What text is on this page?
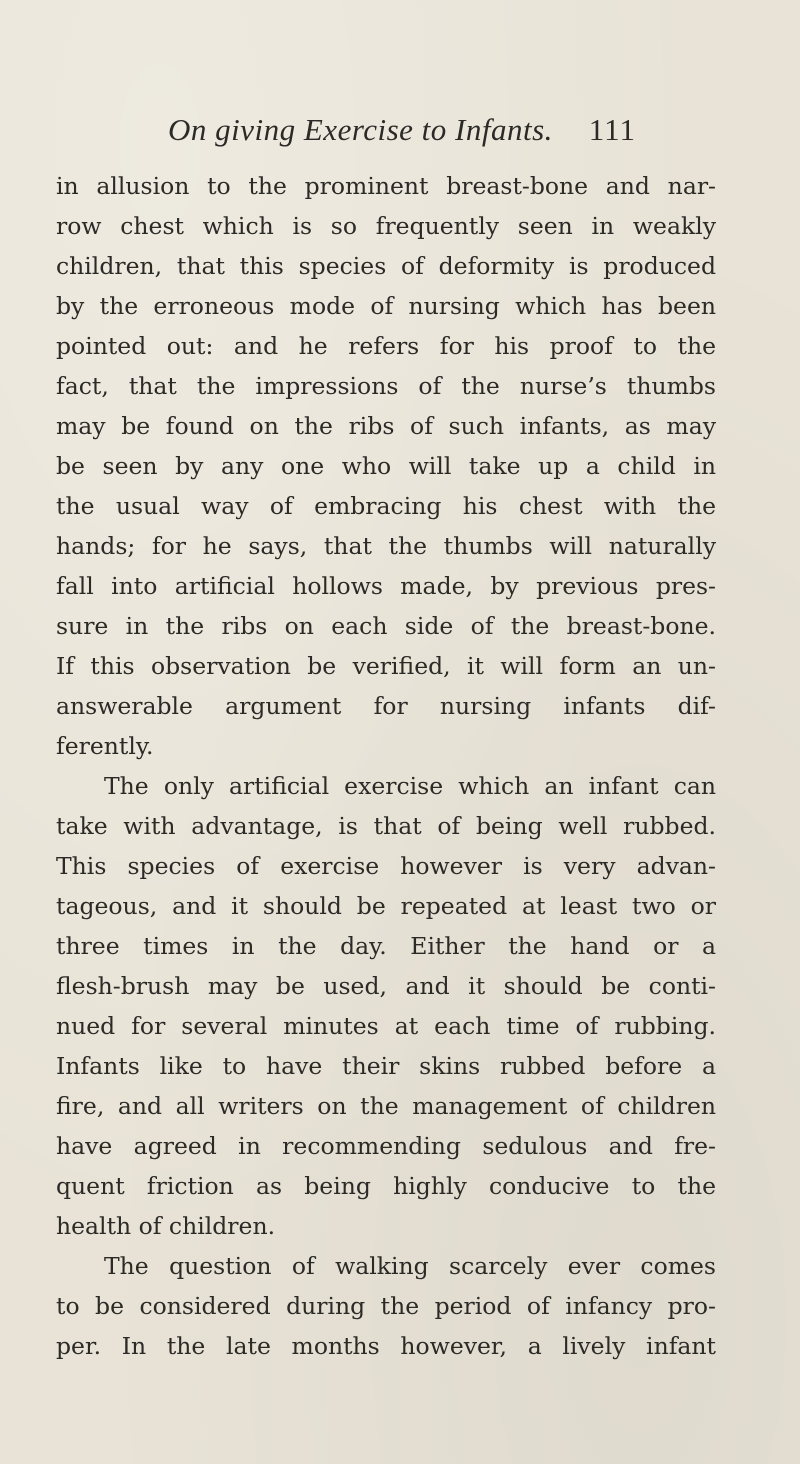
On giving Exercise to Infants. 111
in allusion to the prominent breast-bone and nar-
row chest which is so frequently seen in weakly
children, that this species of deformity is produced
by the erroneous mode of nursing which has been
pointed out: and he refers for his proof to the
fact, that the impressions of the nurse’s thumbs
may be found on the ribs of such infants, as may
be seen by any one who will take up a child in
the usual way of embracing his chest with the
hands; for he says, that the thumbs will naturally
fall into artificial hollows made, by previous pres-
sure in the ribs on each side of the breast-bone.
If this observation be verified, it will form an un-
answerable argument for nursing infants dif-
ferently.
The only artificial exercise which an infant can
take with advantage, is that of being well rubbed.
This species of exercise however is very advan-
tageous, and it should be repeated at least two or
three times in the day. Either the hand or a
flesh-brush may be used, and it should be conti-
nued for several minutes at each time of rubbing.
Infants like to have their skins rubbed before a
fire, and all writers on the management of children
have agreed in recommending sedulous and fre-
quent friction as being highly conducive to the
health of children.
The question of walking scarcely ever comes
to be considered during the period of infancy pro-
per. In the late months however, a lively infant
